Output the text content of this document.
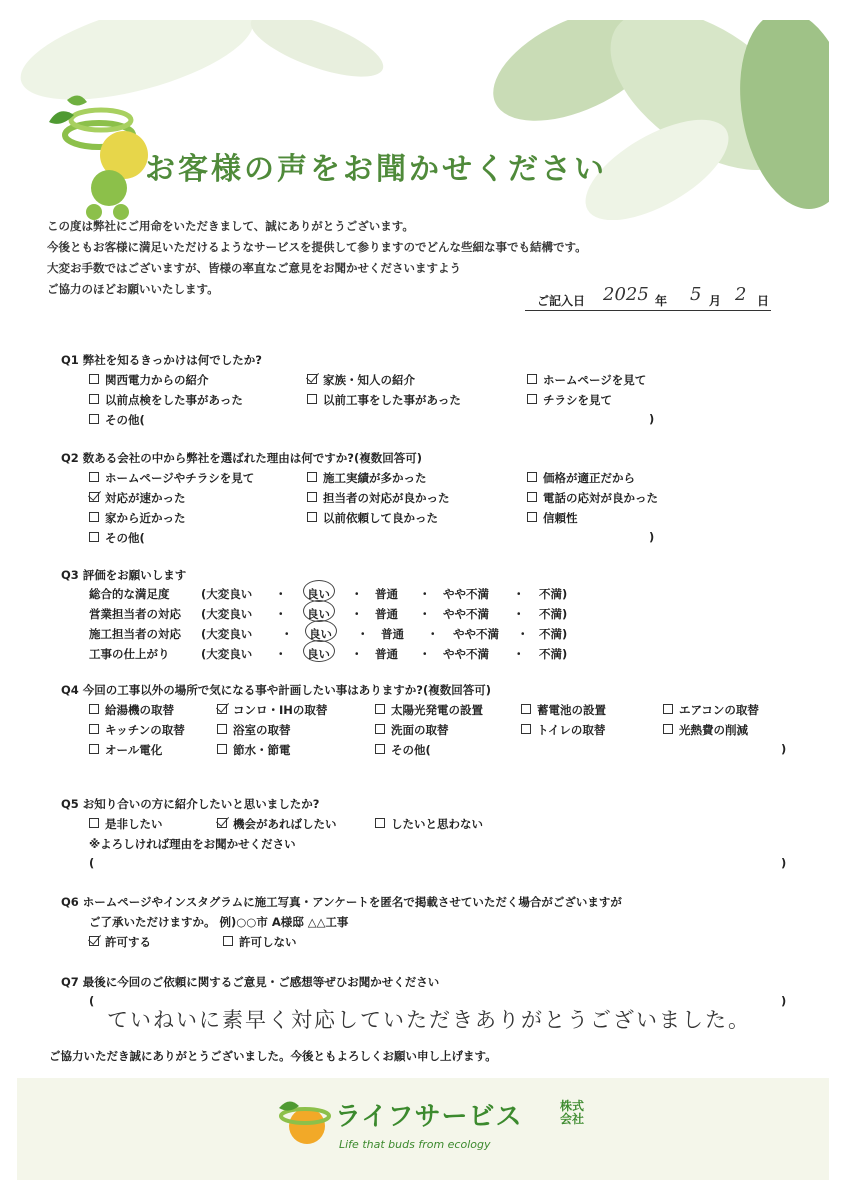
お客様の声をお聞かせください
この度は弊社にご用命をいただきまして、誠にありがとうございます。
今後ともお客様に満足いただけるようなサービスを提供して参りますのでどんな些細な事でも結構です。
大変お手数ではございますが、皆様の率直なご意見をお聞かせくださいますよう
ご協力のほどお願いいたします。
ご記入日 2025 年 5 月 2 日
Q1 弊社を知るきっかけは何でしたか?
関西電力からの紹介	家族・知人の紹介	ホームページを見て
以前点検をした事があった	以前工事をした事があった	チラシを見て
その他(	)
Q2 数ある会社の中から弊社を選ばれた理由は何ですか?(複数回答可)
ホームページやチラシを見て	施工実績が多かった	価格が適正だから
対応が速かった	担当者の対応が良かった	電話の応対が良かった
家から近かった	以前依頼して良かった	信頼性
その他(	)
Q3 評価をお願いします
総合的な満足度	(大変良い ・ 良い ・ 普通 ・ やや不満 ・ 不満)
営業担当者の対応 (大変良い ・ 良い ・ 普通 ・ やや不満 ・ 不満)
施工担当者の対応 (大変良い ・ 良い ・ 普通 ・ やや不満 ・ 不満)
工事の仕上がり	(大変良い ・ 良い ・ 普通 ・ やや不満 ・ 不満)
Q4 今回の工事以外の場所で気になる事や計画したい事はありますか?(複数回答可)
給湯機の取替	コンロ・IHの取替	太陽光発電の設置	蓄電池の設置	エアコンの取替
キッチンの取替	浴室の取替	洗面の取替	トイレの取替	光熱費の削減
オール電化	節水・節電	その他(	)
Q5 お知り合いの方に紹介したいと思いましたか?
是非したい	機会があればしたい	したいと思わない
※よろしければ理由をお聞かせください
(	)
Q6 ホームページやインスタグラムに施工写真・アンケートを匿名で掲載させていただく場合がございますが
ご了承いただけますか。 例)○○市 A様邸 △△工事
許可する	許可しない
Q7 最後に今回のご依頼に関するご意見・ご感想等ぜひお聞かせください
(
ていねいに素早く対応していただきありがとうございました。
)
ご協力いただき誠にありがとうございました。今後ともよろしくお願い申し上げます。
ライフサービス	株式
会社
Life that buds from ecology
